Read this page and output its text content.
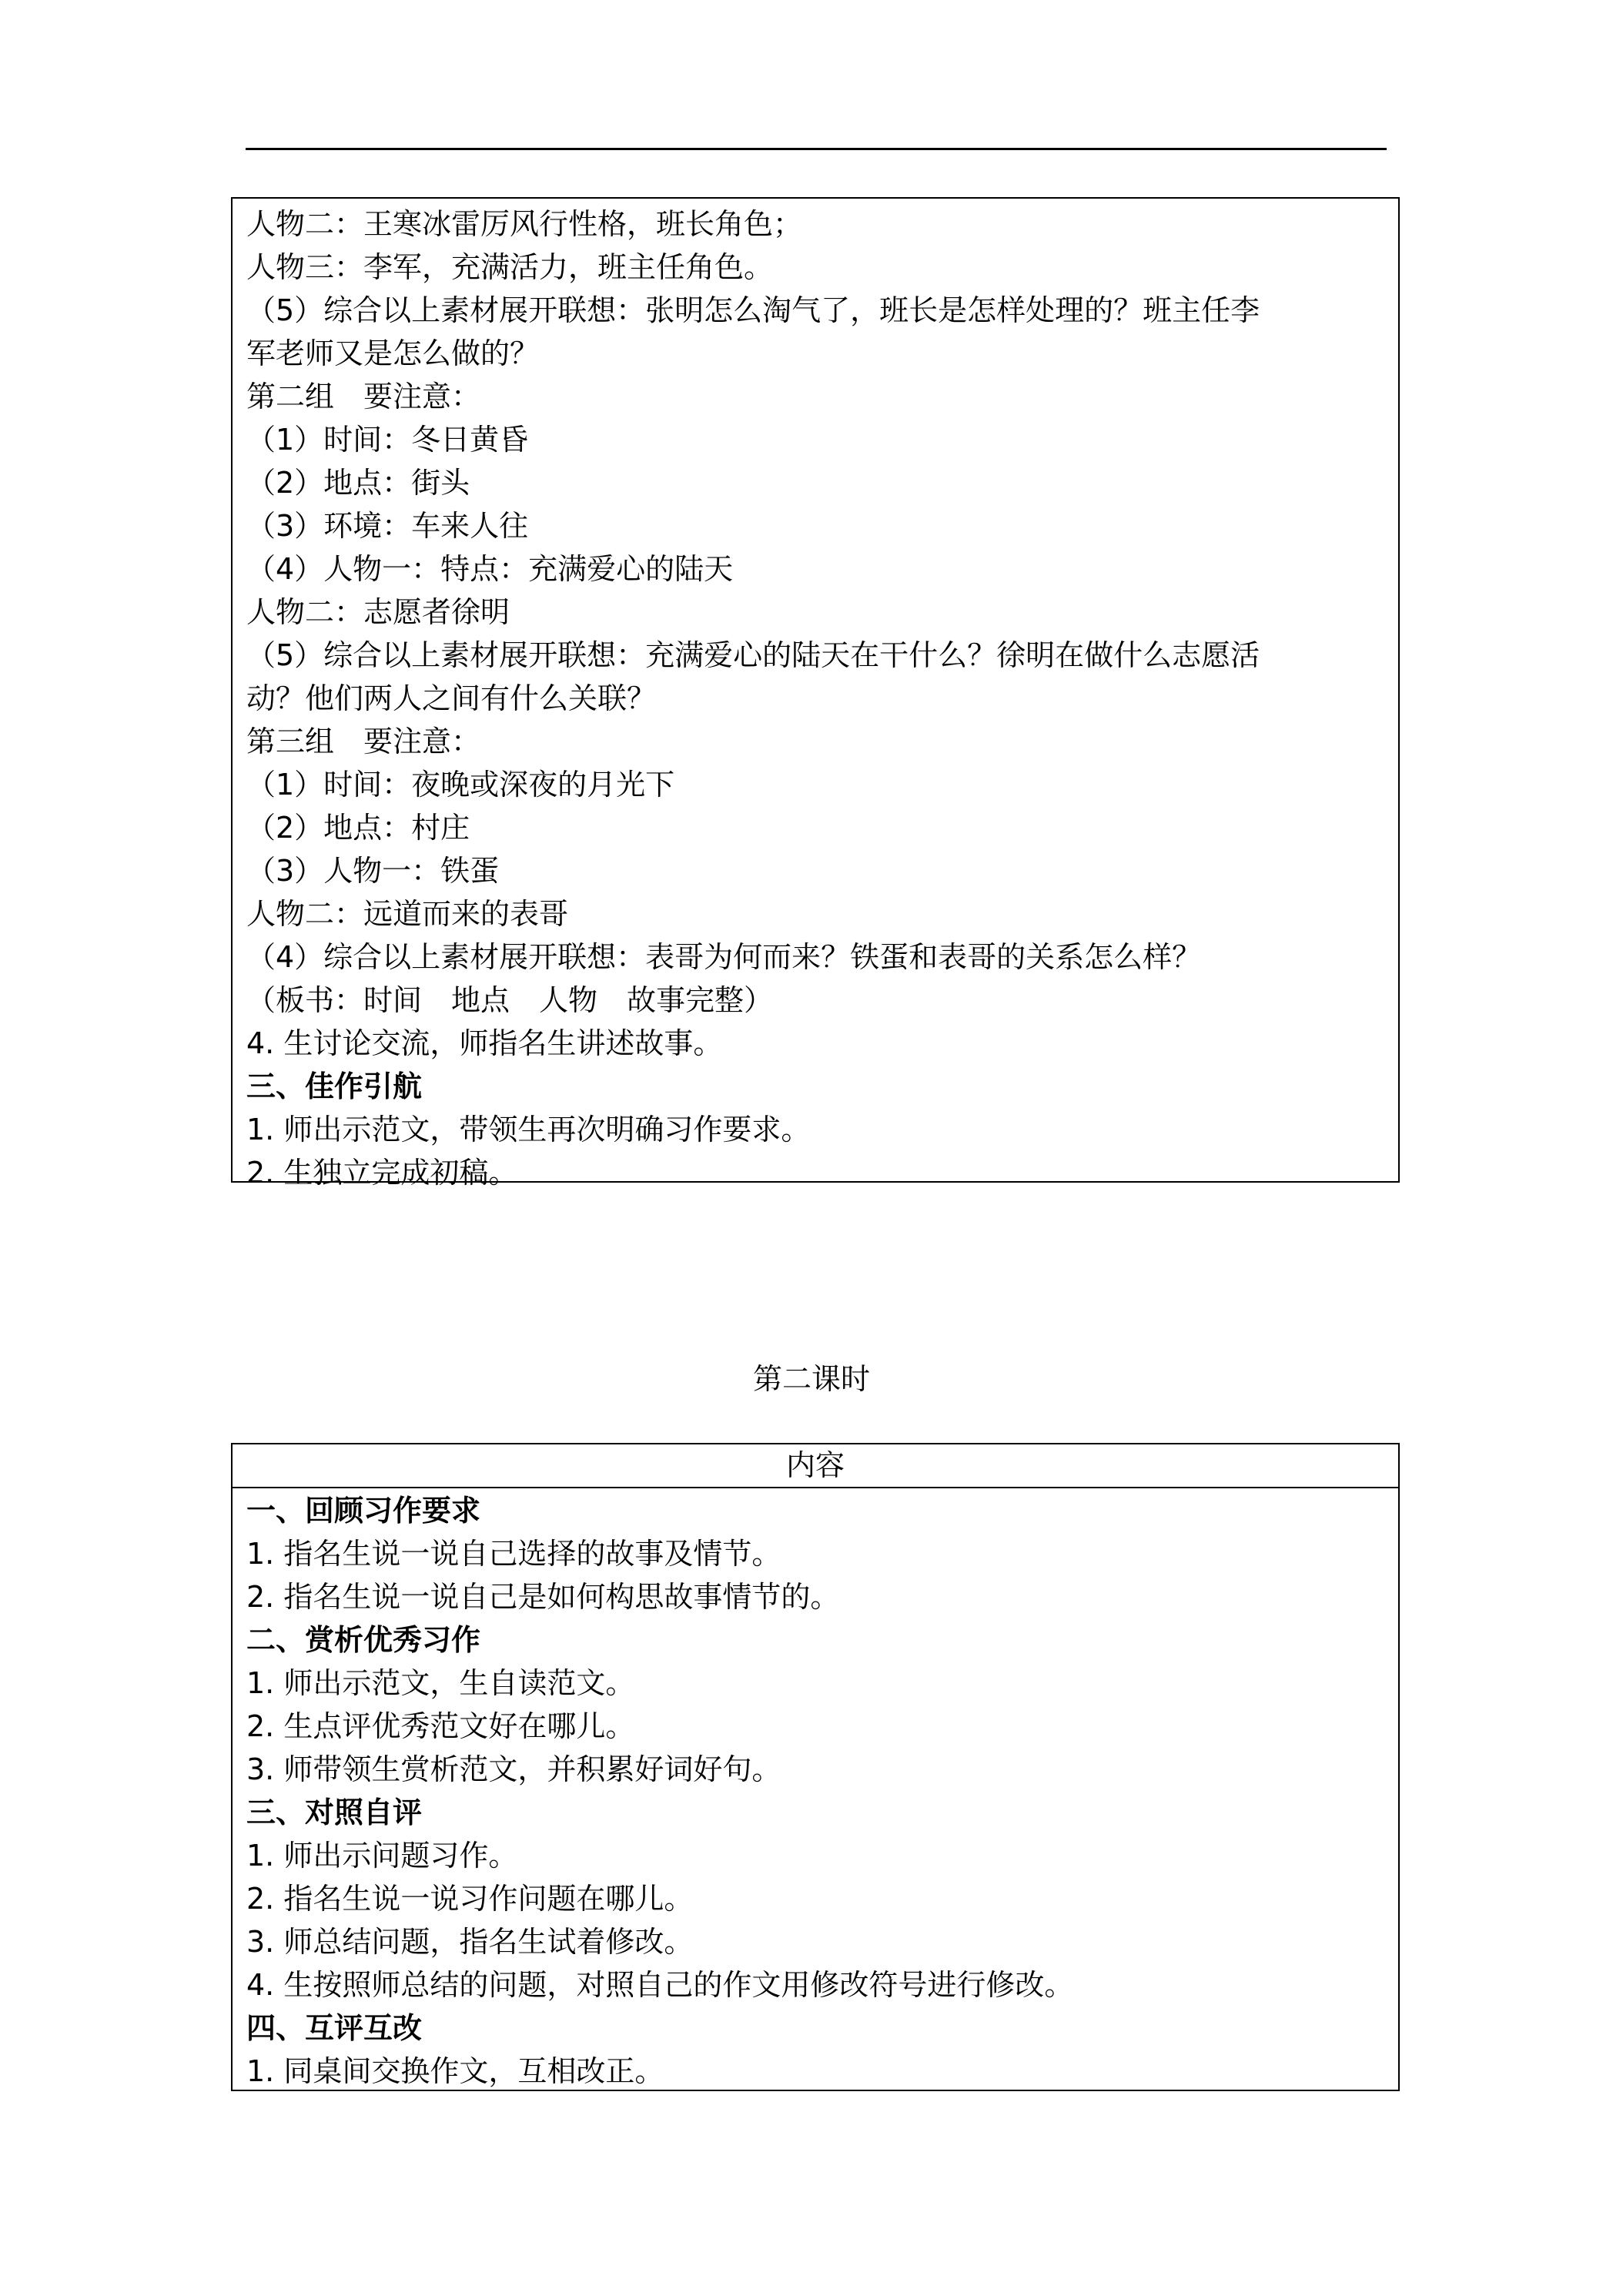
人物二：王寒冰雷厉风行性格，班长角色；
人物三：李军，充满活力，班主任角色。
（5）综合以上素材展开联想：张明怎么淘气了，班长是怎样处理的？班主任李
军老师又是怎么做的？
第二组　要注意：
（1）时间：冬日黄昏
（2）地点：街头
（3）环境：车来人往
（4）人物一：特点：充满爱心的陆天
人物二：志愿者徐明
（5）综合以上素材展开联想：充满爱心的陆天在干什么？徐明在做什么志愿活
动？他们两人之间有什么关联？
第三组　要注意：
（1）时间：夜晚或深夜的月光下
（2）地点：村庄
（3）人物一：铁蛋
人物二：远道而来的表哥
（4）综合以上素材展开联想：表哥为何而来？铁蛋和表哥的关系怎么样？
（板书：时间　地点　人物　故事完整）
4. 生讨论交流，师指名生讲述故事。
三、佳作引航
1. 师出示范文，带领生再次明确习作要求。
2. 生独立完成初稿。
第二课时
内容
一、回顾习作要求
1. 指名生说一说自己选择的故事及情节。
2. 指名生说一说自己是如何构思故事情节的。
二、赏析优秀习作
1. 师出示范文，生自读范文。
2. 生点评优秀范文好在哪儿。
3. 师带领生赏析范文，并积累好词好句。
三、对照自评
1. 师出示问题习作。
2. 指名生说一说习作问题在哪儿。
3. 师总结问题，指名生试着修改。
4. 生按照师总结的问题，对照自己的作文用修改符号进行修改。
四、互评互改
1. 同桌间交换作文，互相改正。
